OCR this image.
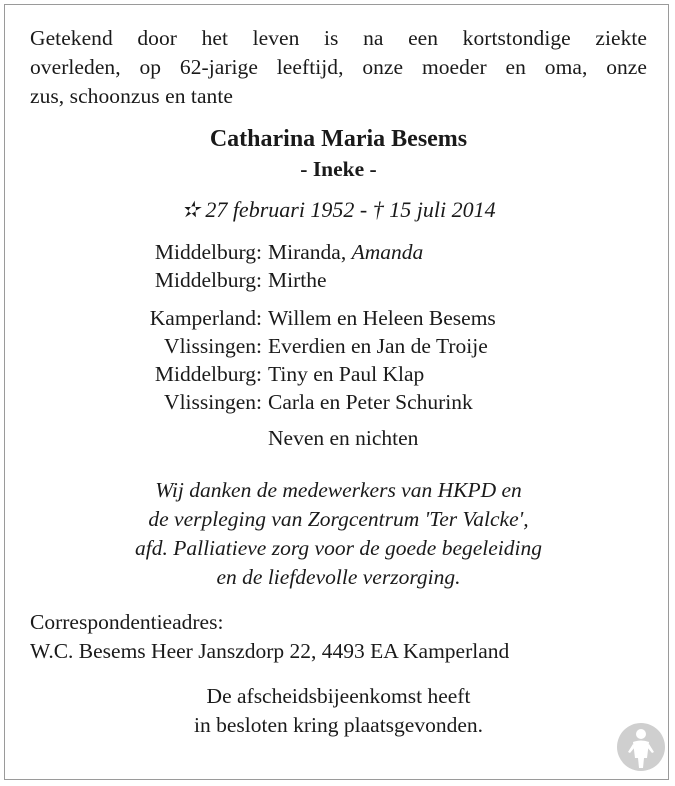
Getekend door het leven is na een kortstondige ziekte
overleden, op 62-jarige leeftijd, onze moeder en oma, onze
zus, schoonzus en tante

Catharina Maria Besems
- Ineke -
✫ 27 februari 1952 - † 15 juli 2014
Middelburg: Miranda, Amanda
Middelburg: Mirthe
Kamperland: Willem en Heleen Besems
Vlissingen: Everdien en Jan de Troije
Middelburg: Tiny en Paul Klap
Vlissingen: Carla en Peter Schurink
Neven en nichten
Wij danken de medewerkers van HKPD en
de verpleging van Zorgcentrum 'Ter Valcke',
afd. Palliatieve zorg voor de goede begeleiding
en de liefdevolle verzorging.
Correspondentieadres:
W.C. Besems Heer Janszdorp 22, 4493 EA Kamperland
De afscheidsbijeenkomst heeft
in besloten kring plaatsgevonden.
